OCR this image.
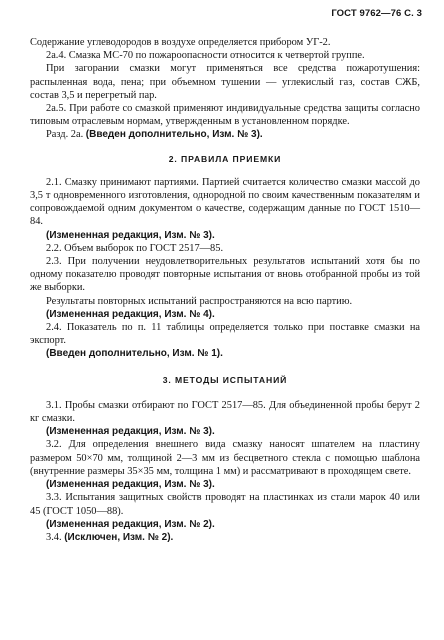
ГОСТ 9762—76 С. 3

Содержание углеводородов в воздухе определяется прибором УГ-2.

2а.4. Смазка МС-70 по пожароопасности относится к четвертой группе.

При загорании смазки могут применяться все средства пожаротушения: распыленная вода, пена; при объемном тушении — углекислый газ, состав СЖБ, состав 3,5 и перегретый пар.

2а.5. При работе со смазкой применяют индивидуальные средства защиты согласно типовым отраслевым нормам, утвержденным в установленном порядке.

Разд. 2а. (Введен дополнительно, Изм. № 3).

2. ПРАВИЛА ПРИЕМКИ

2.1. Смазку принимают партиями. Партией считается количество смазки массой до 3,5 т одновременного изготовления, однородной по своим качественным показателям и сопровождаемой одним документом о качестве, содержащим данные по ГОСТ 1510—84.

(Измененная редакция, Изм. № 3).

2.2. Объем выборок по ГОСТ 2517—85.

2.3. При получении неудовлетворительных результатов испытаний хотя бы по одному показателю проводят повторные испытания от вновь отобранной пробы из той же выборки.

Результаты повторных испытаний распространяются на всю партию.

(Измененная редакция, Изм. № 4).

2.4. Показатель по п. 11 таблицы определяется только при поставке смазки на экспорт.

(Введен дополнительно, Изм. № 1).

3. МЕТОДЫ ИСПЫТАНИЙ

3.1. Пробы смазки отбирают по ГОСТ 2517—85. Для объединенной пробы берут 2 кг смазки.

(Измененная редакция, Изм. № 3).

3.2. Для определения внешнего вида смазку наносят шпателем на пластину размером 50×70 мм, толщиной 2—3 мм из бесцветного стекла с помощью шаблона (внутренние размеры 35×35 мм, толщина 1 мм) и рассматривают в проходящем свете.

(Измененная редакция, Изм. № 3).

3.3. Испытания защитных свойств проводят на пластинках из стали марок 40 или 45 (ГОСТ 1050—88).

(Измененная редакция, Изм. № 2).

3.4. (Исключен, Изм. № 2).
